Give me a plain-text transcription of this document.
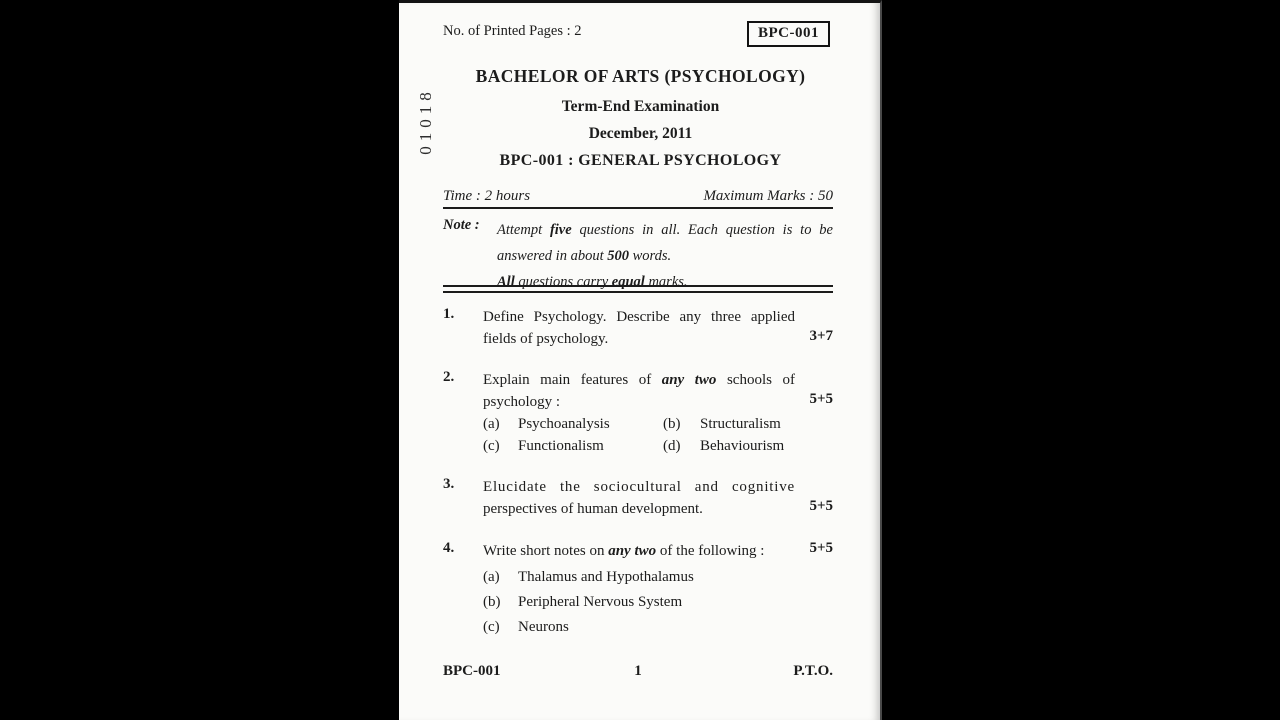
01018
No. of Printed Pages : 2	BPC-001
BACHELOR OF ARTS (PSYCHOLOGY)
Term-End Examination
December, 2011
BPC-001 : GENERAL PSYCHOLOGY
Time : 2 hours	Maximum Marks : 50
Note : Attempt five questions in all. Each question is to be
answered in about 500 words.
All questions carry equal marks.
1. Define Psychology. Describe any three applied
fields of psychology.	3+7
2. Explain main features of any two schools of
psychology :	5+5
(a) Psychoanalysis	(b) Structuralism
(c) Functionalism	(d) Behaviourism
3. Elucidate the sociocultural and cognitive
perspectives of human development.	5+5
4. Write short notes on any two of the following :	5+5
(a) Thalamus and Hypothalamus
(b) Peripheral Nervous System
(c) Neurons
1
BPC-001	P.T.O.
